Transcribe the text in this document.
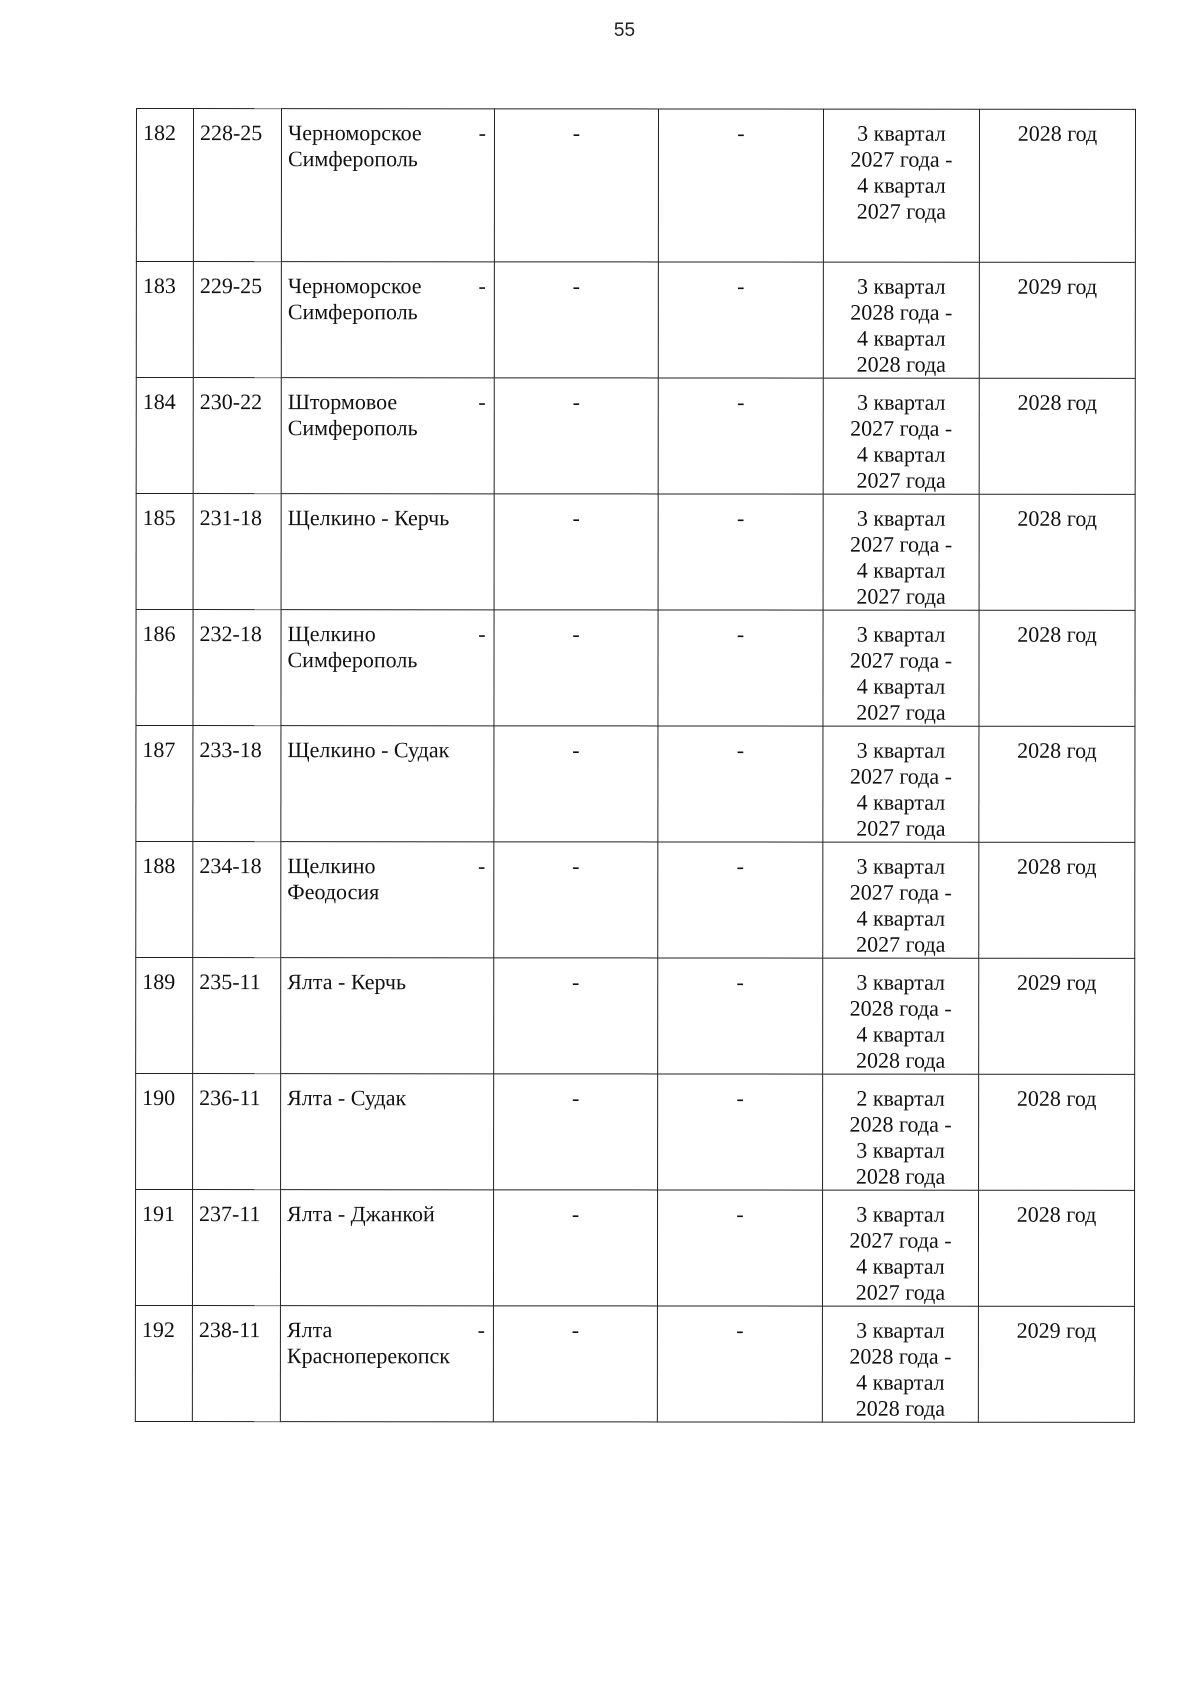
55
182	228-25	Черноморское
Симферополь
-	-	-	3 квартал
2027 года -
4 квартал
2027 года	2028 год
183	229-25	Черноморское
Симферополь
-	-	-	3 квартал
2028 года -
4 квартал
2028 года	2029 год
184	230-22	Штормовое
Симферополь
-	-	-	3 квартал
2027 года -
4 квартал
2027 года	2028 год
185	231-18	Щелкино - Керчь	-	-	3 квартал
2027 года -
4 квартал
2027 года	2028 год
186	232-18	Щелкино
Симферополь
-	-	-	3 квартал
2027 года -
4 квартал
2027 года	2028 год
187	233-18	Щелкино - Судак	-	-	3 квартал
2027 года -
4 квартал
2027 года	2028 год
188	234-18	Щелкино
Феодосия
-	-	-	3 квартал
2027 года -
4 квартал
2027 года	2028 год
189	235-11	Ялта - Керчь	-	-	3 квартал
2028 года -
4 квартал
2028 года	2029 год
190	236-11	Ялта - Судак	-	-	2 квартал
2028 года -
3 квартал
2028 года	2028 год
191	237-11	Ялта - Джанкой	-	-	3 квартал
2027 года -
4 квартал
2027 года	2028 год
192	238-11	Ялта
Красноперекопск
-	-	-	3 квартал
2028 года -
4 квартал
2028 года	2029 год
